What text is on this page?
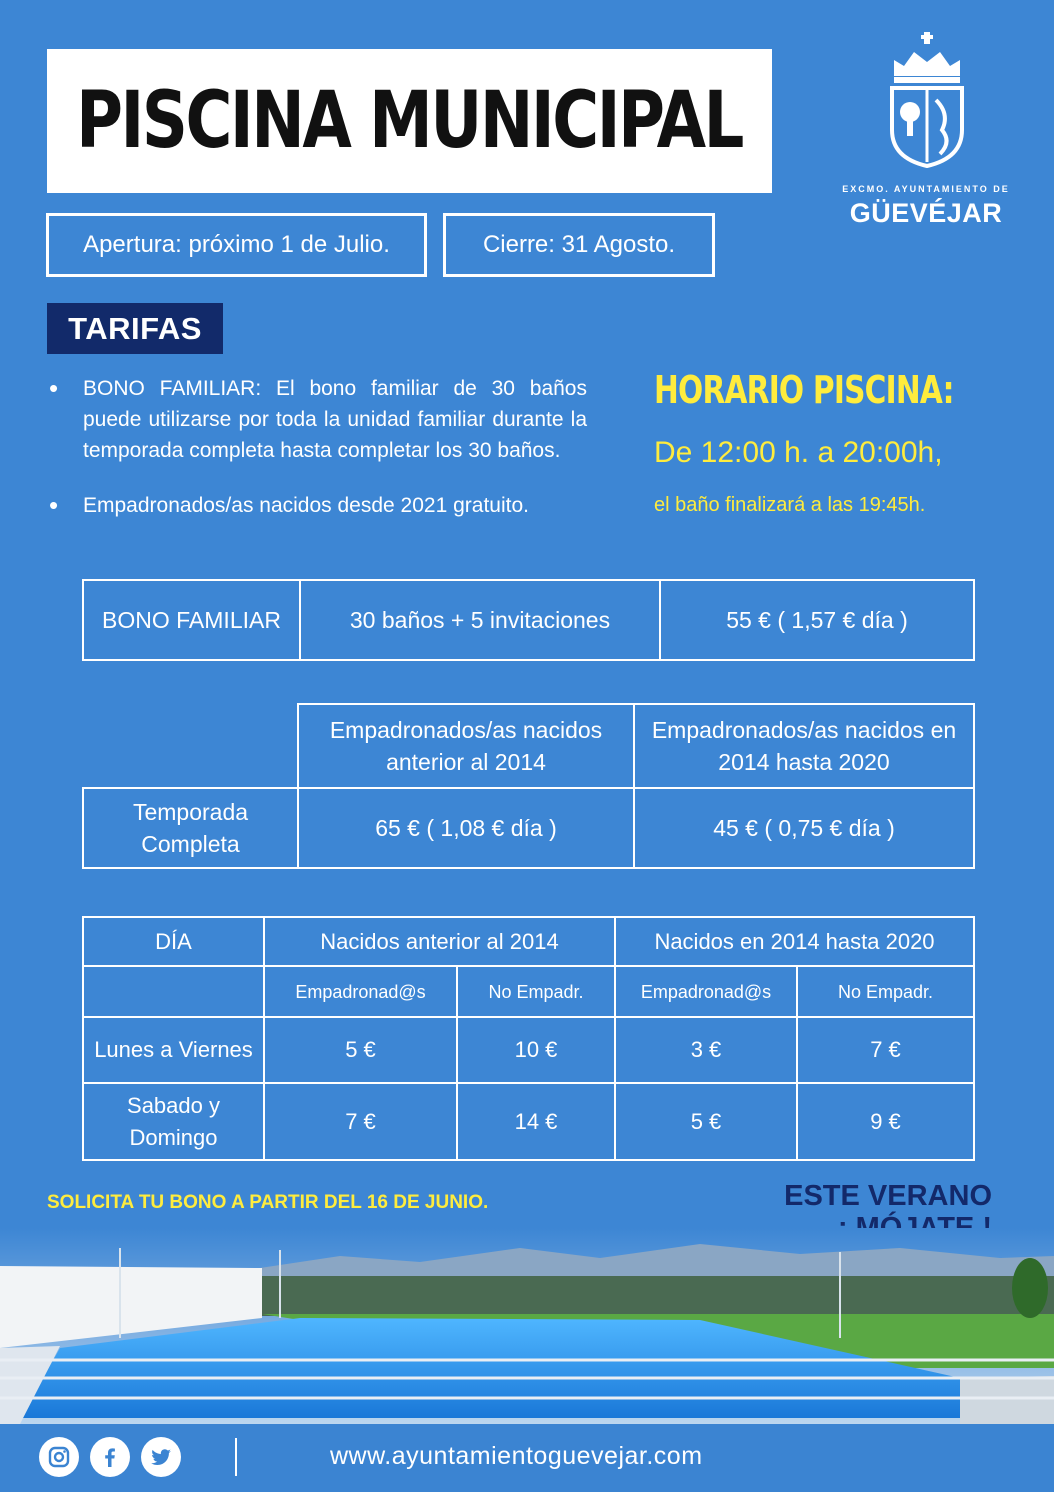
PISCINA MUNICIPAL
Apertura: próximo 1 de Julio.	Cierre: 31 Agosto.
EXCMO. AYUNTAMIENTO DE
GÜEVÉJAR
TARIFAS
•	BONO FAMILIAR: El bono familiar de 30 baños puede utilizarse por toda la unidad familiar durante la temporada completa hasta completar los 30 baños.
•	Empadronados/as nacidos desde 2021 gratuito.
HORARIO PISCINA:
De 12:00 h. a 20:00h,
el baño finalizará a las 19:45h.
BONO FAMILIAR	30 baños + 5 invitaciones	55 € ( 1,57 € día )
	Empadronados/as nacidos anterior al 2014	Empadronados/as nacidos en 2014 hasta 2020
Temporada Completa	65 € ( 1,08 € día )	45 € ( 0,75 € día )
DÍA	Nacidos anterior al 2014		Nacidos en 2014 hasta 2020	
	Empadronad@s	No Empadr.	Empadronad@s	No Empadr.
Lunes a Viernes	5 €	10 €	3 €	7 €
Sabado y Domingo	7 €	14 €	5 €	9 €
SOLICITA TU BONO A PARTIR DEL 16 DE JUNIO.	ESTE VERANO
www.ayuntamientoguevejar.com
